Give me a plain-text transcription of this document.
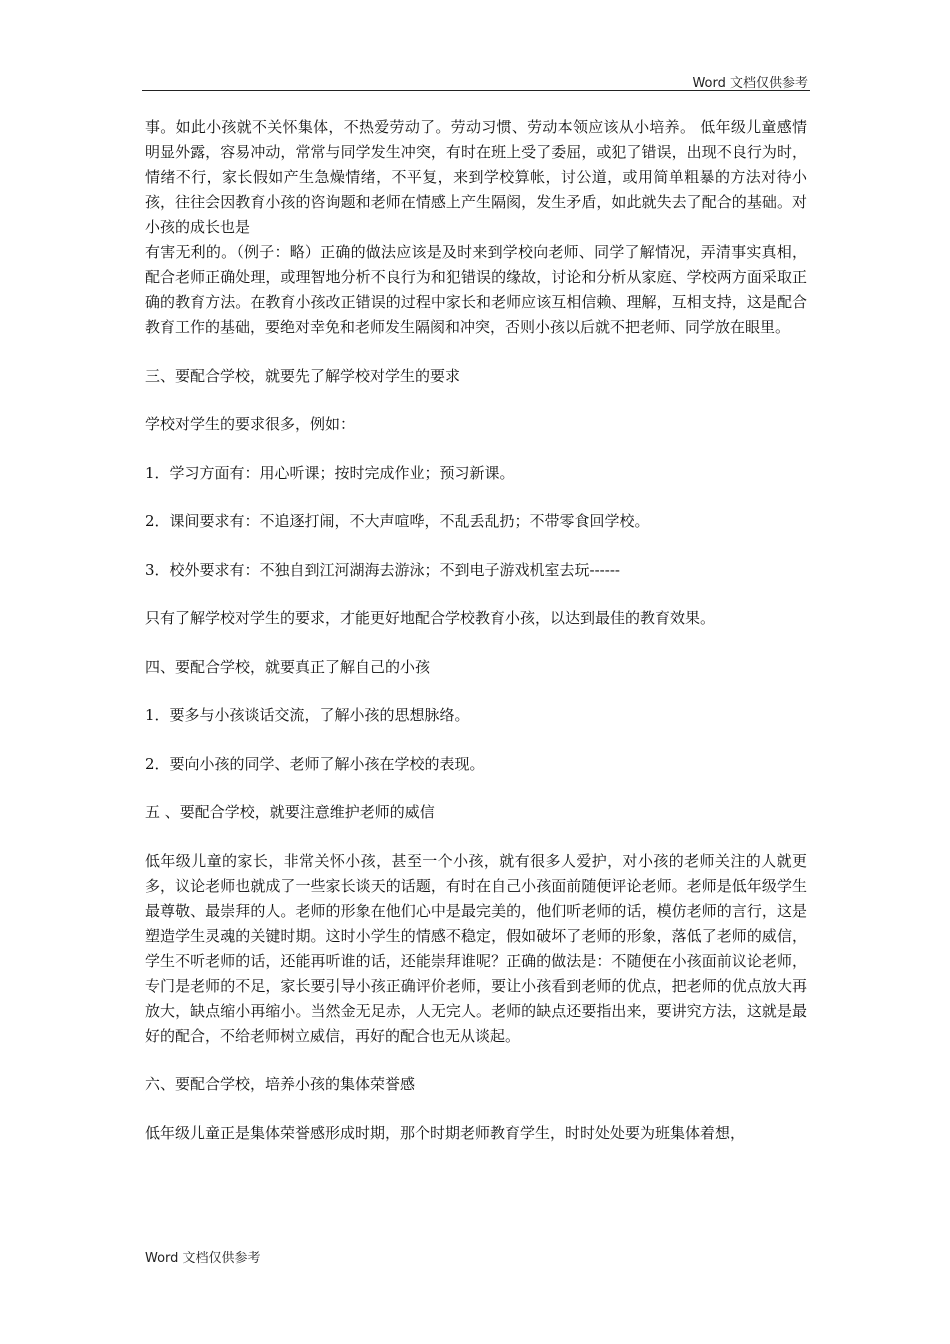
Word 文档仅供参考

事。如此小孩就不关怀集体，不热爱劳动了。劳动习惯、劳动本领应该从小培养。 低年级儿童感情明显外露，容易冲动，常常与同学发生冲突，有时在班上受了委屈，或犯了错误，出现不良行为时，情绪不行，家长假如产生急燥情绪，不平复，来到学校算帐，讨公道，或用简单粗暴的方法对待小孩，往往会因教育小孩的咨询题和老师在情感上产生隔阂，发生矛盾，如此就失去了配合的基础。对小孩的成长也是

有害无利的。（例子：略）正确的做法应该是及时来到学校向老师、同学了解情况，弄清事实真相，配合老师正确处理，或理智地分析不良行为和犯错误的缘故，讨论和分析从家庭、学校两方面采取正确的教育方法。在教育小孩改正错误的过程中家长和老师应该互相信赖、理解，互相支持，这是配合教育工作的基础，要绝对幸免和老师发生隔阂和冲突，否则小孩以后就不把老师、同学放在眼里。

三、要配合学校，就要先了解学校对学生的要求

学校对学生的要求很多，例如：

1．学习方面有：用心听课；按时完成作业；预习新课。

2．课间要求有：不追逐打闹，不大声喧哗，不乱丢乱扔；不带零食回学校。

3．校外要求有：不独自到江河湖海去游泳；不到电子游戏机室去玩------

只有了解学校对学生的要求，才能更好地配合学校教育小孩，以达到最佳的教育效果。

四、要配合学校，就要真正了解自己的小孩

1．要多与小孩谈话交流，了解小孩的思想脉络。

2．要向小孩的同学、老师了解小孩在学校的表现。

五 、要配合学校，就要注意维护老师的威信

低年级儿童的家长，非常关怀小孩，甚至一个小孩，就有很多人爱护，对小孩的老师关注的人就更多，议论老师也就成了一些家长谈天的话题，有时在自己小孩面前随便评论老师。老师是低年级学生最尊敬、最崇拜的人。老师的形象在他们心中是最完美的，他们听老师的话，模仿老师的言行，这是塑造学生灵魂的关键时期。这时小学生的情感不稳定，假如破坏了老师的形象，落低了老师的威信，学生不听老师的话，还能再听谁的话，还能崇拜谁呢？正确的做法是：不随便在小孩面前议论老师，专门是老师的不足，家长要引导小孩正确评价老师，要让小孩看到老师的优点，把老师的优点放大再放大，缺点缩小再缩小。当然金无足赤，人无完人。老师的缺点还要指出来，要讲究方法，这就是最好的配合，不给老师树立威信，再好的配合也无从谈起。

六、要配合学校，培养小孩的集体荣誉感

低年级儿童正是集体荣誉感形成时期，那个时期老师教育学生，时时处处要为班集体着想，

Word 文档仅供参考
